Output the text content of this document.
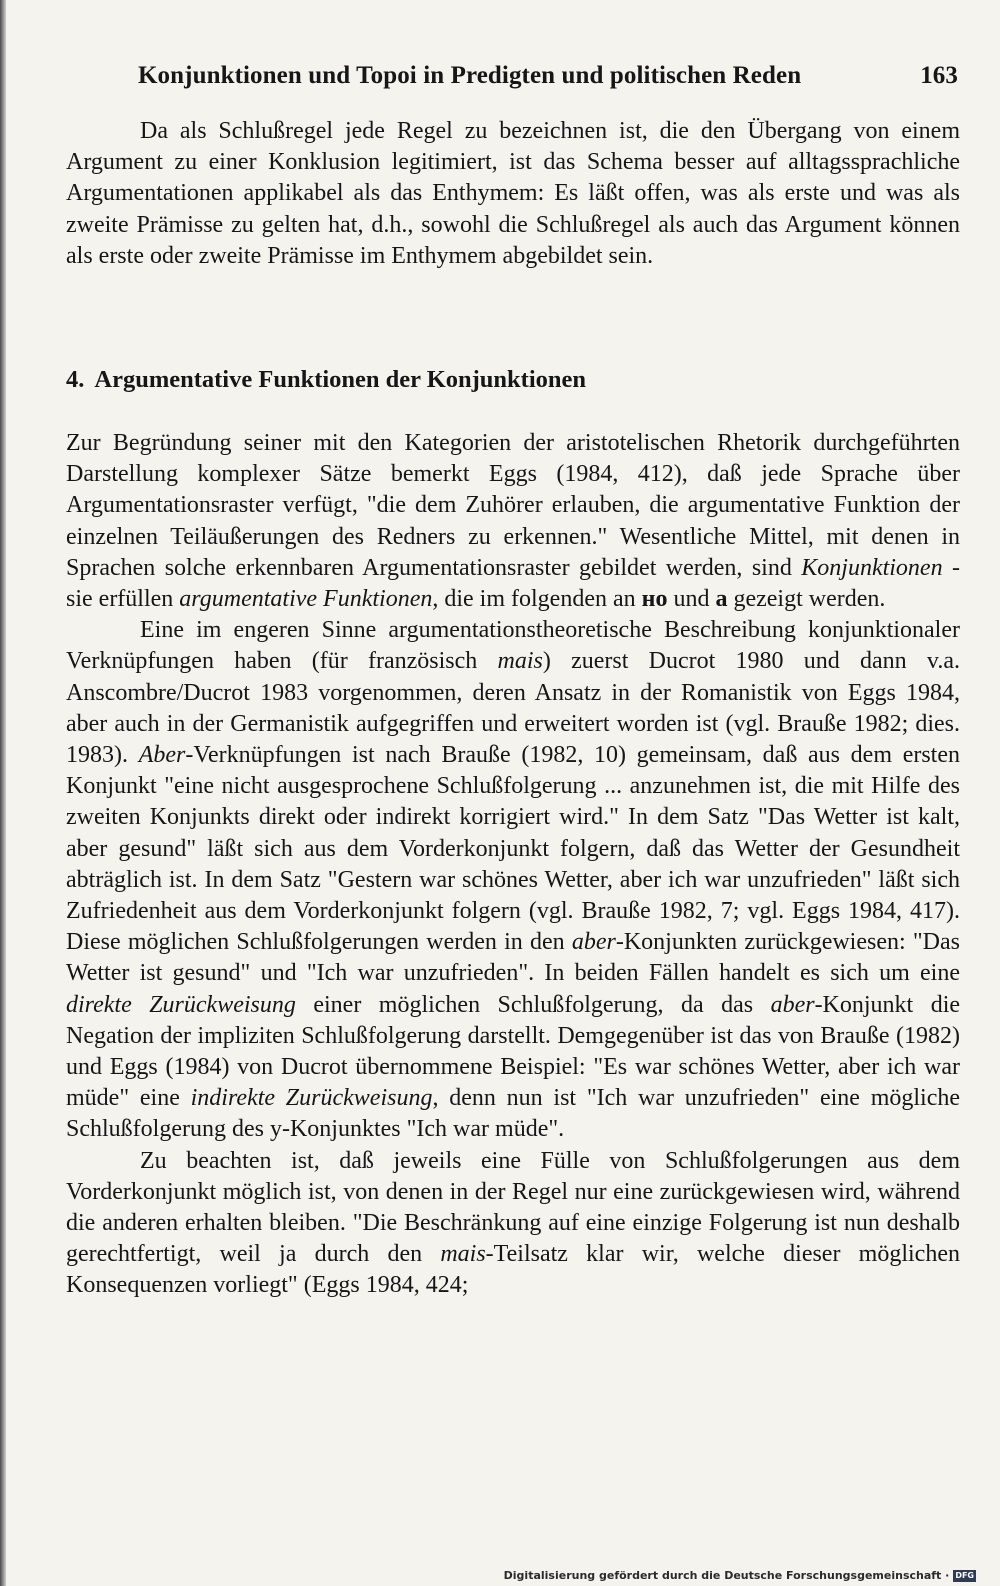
Konjunktionen und Topoi in Predigten und politischen Reden	163

Da als Schlußregel jede Regel zu bezeichnen ist, die den Übergang von einem Argument zu einer Konklusion legitimiert, ist das Schema besser auf alltagssprachliche Argumentationen applikabel als das Enthymem: Es läßt offen, was als erste und was als zweite Prämisse zu gelten hat, d.h., sowohl die Schlußregel als auch das Argument können als erste oder zweite Prämisse im Enthymem abgebildet sein.

4. Argumentative Funktionen der Konjunktionen

Zur Begründung seiner mit den Kategorien der aristotelischen Rhetorik durchgeführten Darstellung komplexer Sätze bemerkt Eggs (1984, 412), daß jede Sprache über Argumentationsraster verfügt, "die dem Zuhörer erlauben, die argumentative Funktion der einzelnen Teiläußerungen des Redners zu erkennen." Wesentliche Mittel, mit denen in Sprachen solche erkennbaren Argumentationsraster gebildet werden, sind Konjunktionen - sie erfüllen argumentative Funktionen, die im folgenden an но und а gezeigt werden.

Eine im engeren Sinne argumentationstheoretische Beschreibung konjunktionaler Verknüpfungen haben (für französisch mais) zuerst Ducrot 1980 und dann v.a. Anscombre/Ducrot 1983 vorgenommen, deren Ansatz in der Romanistik von Eggs 1984, aber auch in der Germanistik aufgegriffen und erweitert worden ist (vgl. Braußе 1982; dies. 1983). Aber-Verknüpfungen ist nach Brauße (1982, 10) gemeinsam, daß aus dem ersten Konjunkt "eine nicht ausgesprochene Schlußfolgerung ... anzunehmen ist, die mit Hilfe des zweiten Konjunkts direkt oder indirekt korrigiert wird." In dem Satz "Das Wetter ist kalt, aber gesund" läßt sich aus dem Vorderkonjunkt folgern, daß das Wetter der Gesundheit abträglich ist. In dem Satz "Gestern war schönes Wetter, aber ich war unzufrieden" läßt sich Zufriedenheit aus dem Vorderkonjunkt folgern (vgl. Brauße 1982, 7; vgl. Eggs 1984, 417). Diese möglichen Schlußfolgerungen werden in den aber-Konjunkten zurückgewiesen: "Das Wetter ist gesund" und "Ich war unzufrieden". In beiden Fällen handelt es sich um eine direkte Zurückweisung einer möglichen Schlußfolgerung, da das aber-Konjunkt die Negation der impliziten Schlußfolgerung darstellt. Demgegenüber ist das von Brauße (1982) und Eggs (1984) von Ducrot übernommene Beispiel: "Es war schönes Wetter, aber ich war müde" eine indirekte Zurückweisung, denn nun ist "Ich war unzufrieden" eine mögliche Schlußfolgerung des y-Konjunktes "Ich war müde".

Zu beachten ist, daß jeweils eine Fülle von Schlußfolgerungen aus dem Vorderkonjunkt möglich ist, von denen in der Regel nur eine zurückgewiesen wird, während die anderen erhalten bleiben. "Die Beschränkung auf eine einzige Folgerung ist nun deshalb gerechtfertigt, weil ja durch den mais-Teilsatz klar wir, welche dieser möglichen Konsequenzen vorliegt" (Eggs 1984, 424;

Digitalisierung gefördert durch die Deutsche Forschungsgemeinschaft · DFG
